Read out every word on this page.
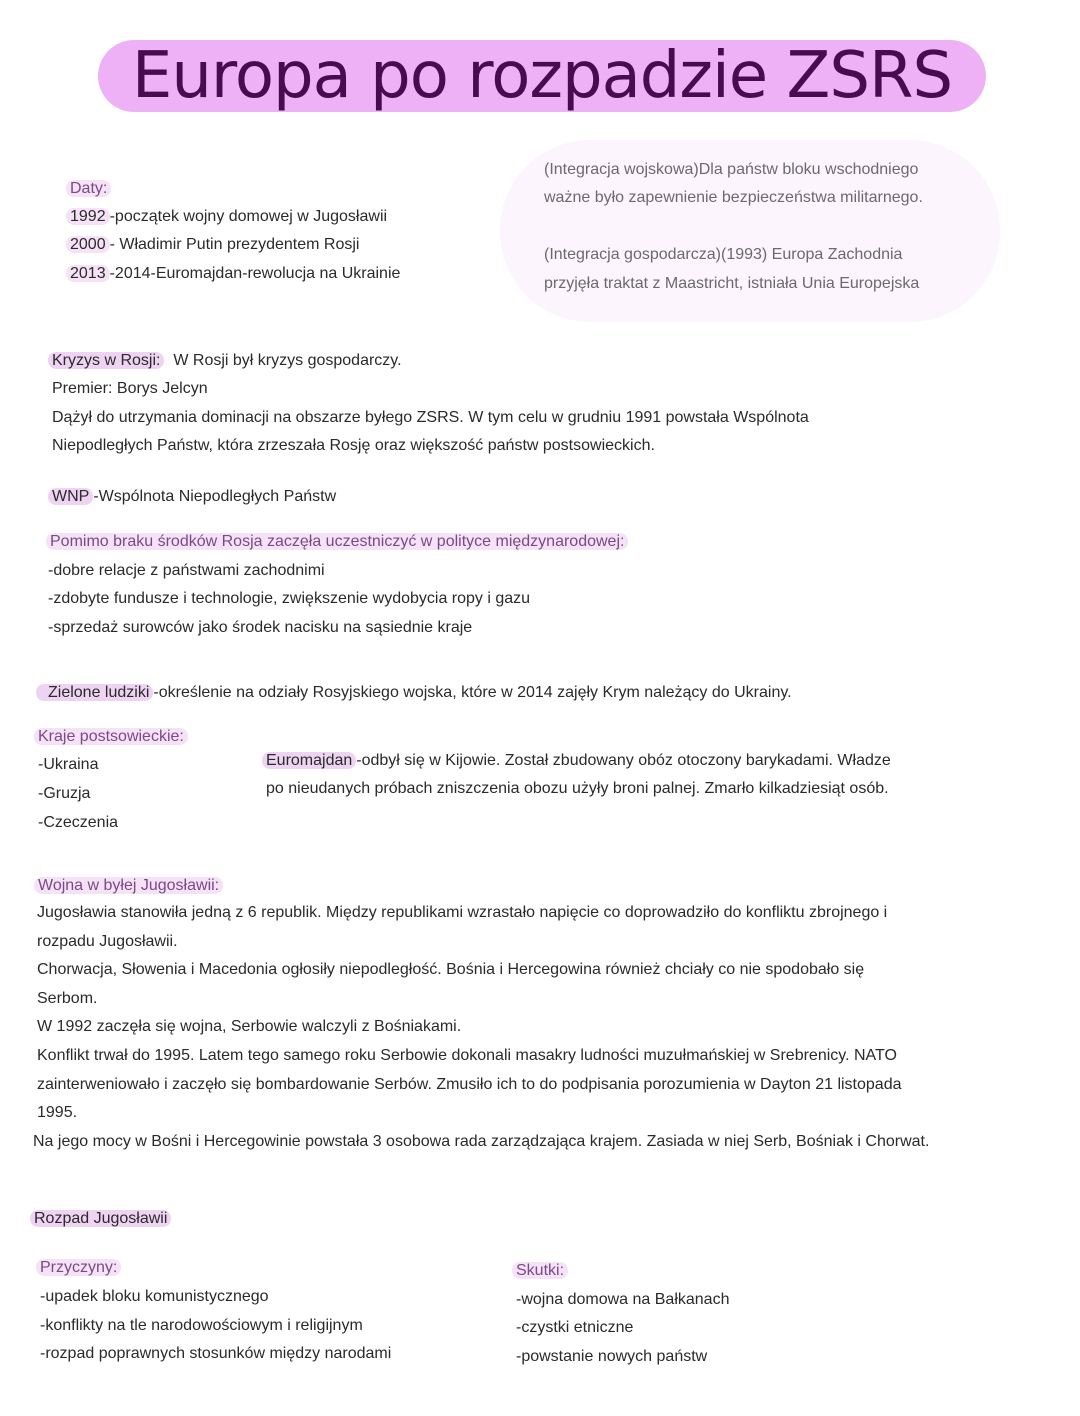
Europa po rozpadzie ZSRS
Daty:
1992 -początek wojny domowej w Jugosławii
2000 - Władimir Putin prezydentem Rosji
2013 -2014-Euromajdan-rewolucja na Ukrainie
(Integracja wojskowa)Dla państw bloku wschodniego
ważne było zapewnienie bezpieczeństwa militarnego.
(Integracja gospodarcza)(1993) Europa Zachodnia
przyjęła traktat z Maastricht, istniała Unia Europejska
Kryzys w Rosji: W Rosji był kryzys gospodarczy.
Premier: Borys Jelcyn
Dążył do utrzymania dominacji na obszarze byłego ZSRS. W tym celu w grudniu 1991 powstała Wspólnota
Niepodległych Państw, która zrzeszała Rosję oraz większość państw postsowieckich.
WNP -Wspólnota Niepodległych Państw
Pomimo braku środków Rosja zaczęła uczestniczyć w polityce międzynarodowej:
-dobre relacje z państwami zachodnimi
-zdobyte fundusze i technologie, zwiększenie wydobycia ropy i gazu
-sprzedaż surowców jako środek nacisku na sąsiednie kraje
Zielone ludziki -określenie na odziały Rosyjskiego wojska, które w 2014 zajęły Krym należący do Ukrainy.
Kraje postsowieckie:
-Ukraina
-Gruzja
-Czeczenia
Euromajdan -odbył się w Kijowie. Został zbudowany obóz otoczony barykadami. Władze
po nieudanych próbach zniszczenia obozu użyły broni palnej. Zmarło kilkadziesiąt osób.
Wojna w byłej Jugosławii:
Jugosławia stanowiła jedną z 6 republik. Między republikami wzrastało napięcie co doprowadziło do konfliktu zbrojnego i
rozpadu Jugosławii.
Chorwacja, Słowenia i Macedonia ogłosiły niepodległość. Bośnia i Hercegowina również chciały co nie spodobało się
Serbom.
W 1992 zaczęła się wojna, Serbowie walczyli z Bośniakami.
Konflikt trwał do 1995. Latem tego samego roku Serbowie dokonali masakry ludności muzułmańskiej w Srebrenicy. NATO
zainterweniowało i zaczęło się bombardowanie Serbów. Zmusiło ich to do podpisania porozumienia w Dayton 21 listopada
1995.
Na jego mocy w Bośni i Hercegowinie powstała 3 osobowa rada zarządzająca krajem. Zasiada w niej Serb, Bośniak i Chorwat.
Rozpad Jugosławii
Przyczyny:
-upadek bloku komunistycznego
-konflikty na tle narodowościowym i religijnym
-rozpad poprawnych stosunków między narodami
Skutki:
-wojna domowa na Bałkanach
-czystki etniczne
-powstanie nowych państw
